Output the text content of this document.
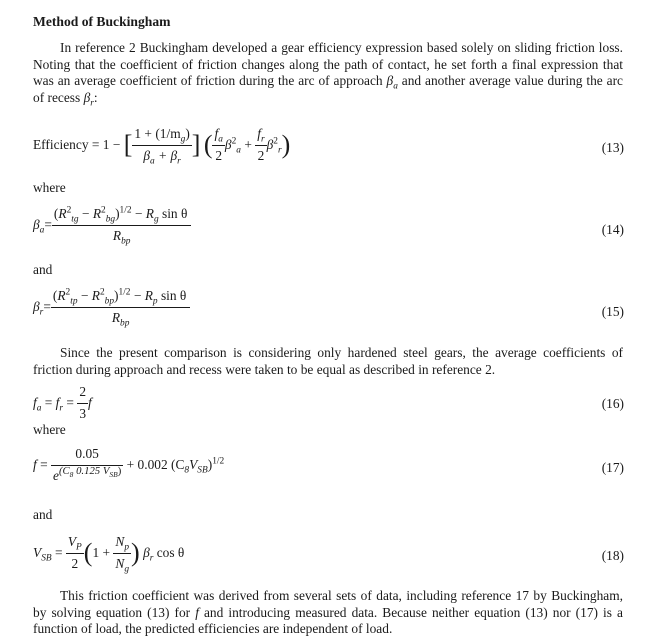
Method of Buckingham
In reference 2 Buckingham developed a gear efficiency expression based solely on sliding friction loss. Noting that the coefficient of friction changes along the path of contact, he set forth a final expression that was an average coefficient of friction during the arc of approach $\beta_a$ and another average value during the arc of recess $\beta_r$:
Efficiency = 1 − [ $\frac{1 + (1/m_g)}{\beta_a + \beta_r}$ ] ( $\frac{f_a}{2} \beta^2_a + \frac{f_r}{2} \beta^2_r$)	(13)
where
$\beta_a= \frac{(R^2_{tg} - R^2_{bg})^{1/2} - R_g \sin \theta}{R_{bp}}$	(14)
and
$\beta_r= \frac{(R^2_{tp} - R^2_{bp})^{1/2} - R_p \sin \theta}{R_{bp}}$	(15)
Since the present comparison is considering only hardened steel gears, the average coefficients of friction during approach and recess were taken to be equal as described in reference 2.
$f_a = f_r = \frac{2}{3}$ f	(16)
where
$f = \frac{0.05}{e^{(C_8 0.125 V_{SB})}} + 0.002$ $(C_8V_{SB})^{1/2}$	(17)
and
$V_{SB} = \frac{V_P}{2} (1 + \frac{N_p}{N_g}$ ) $\beta_r$ cos θ	(18)
This friction coefficient was derived from several sets of data, including reference 17 by Buckingham, by solving equation (13) for f and introducing measured data. Because neither equation (13) nor (17) is a function of load, the predicted efficiencies are independent of load.
